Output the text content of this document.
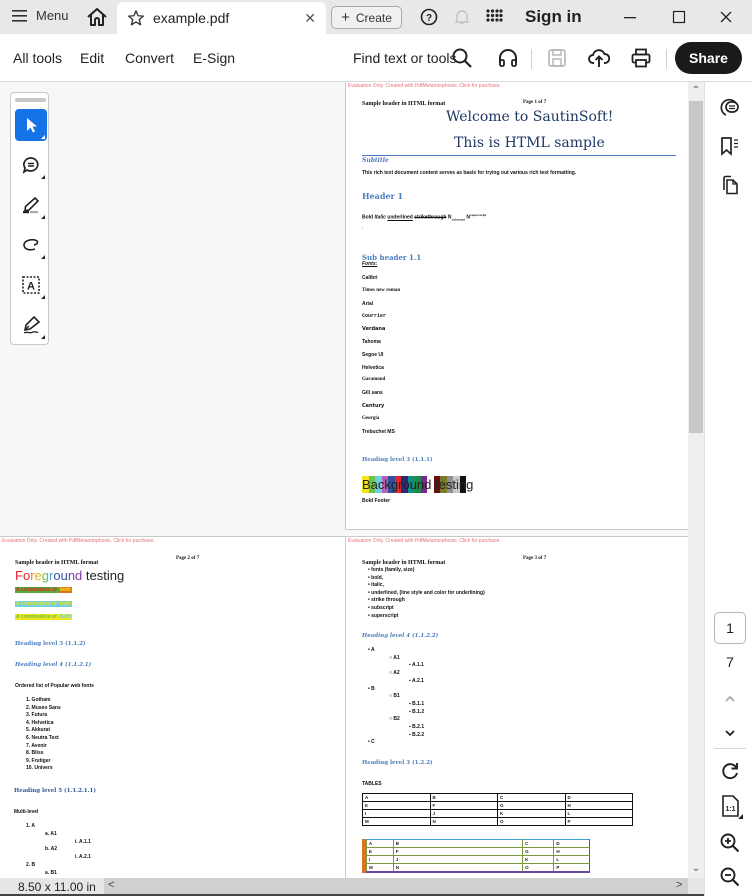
Menu	example.pdf	✕ + Create	?	Sign in
All tools Edit Convert E-Sign	Find text or tools	Share
Evaluation Only. Created with PdfMetamorphosis. Click for purchase.
Sample header in HTML format	Page 1 of 7
Welcome to SautinSoft!
This is HTML sample
Subtitle
This rich text document content serves as basis for trying out various rich text formatting.
Header 1
Bold Italic underlined strikethrough $N_{subscript}$ $N^{superscript}$
.
Sub header 1.1
Fonts:
Calibri
Times new roman
Arial
Courrier
Verdana
Tahoma
Segoe UI
Helvetica
Garamond
Gill sans
Century
Georgia
Trebuchet MS
Heading level 3 (1.1.1)
Background testing
Bold Footer
Evaluation Only. Created with PdfMetamorphosis. Click for purchase.
Sample header in HTML format
Page 2 of 7
Foreground testing
A combination of both
A combination of both
A combination of both
Heading level 3 (1.1.2)
Heading level 4 (1.1.2.1)
Ordered list of Popular web fonts
1. Gotham
2. Museo Sans
3. Futura
4. Helvetica
5. Akkurat
6. Neutra Text
7. Avenir
8. Bliss
9. Frutiger
10. Univers
Heading level 5 (1.1.2.1.1)
Multi-level
1. A
a. A1
i. A.1.1
b. A2
i. A.2.1
2. B
a. B1
Evaluation Only. Created with PdfMetamorphosis. Click for purchase.
Sample header in HTML format
Page 3 of 7
• fonts (family, size)
• bold,
• italic,
• underlined, (line style and color for underlining)
• strike through
• subscript
• superscript
Heading level 4 (1.1.2.2)
• A
○ A1
▪ A.1.1
○ A2
▪ A.2.1
• B
○ B1
▪ B.1.1
▪ B.1.2
○ B2
▪ B.2.1
▪ B.2.2
• C
Heading level 3 (1.2.2)
TABLES
A	B	C	D
E	F	G	H
I	J	K	L
M	N	O	P
A	B	C	D
E	F	G	H
I	J	K	L
M	N	O	P
A
⌃
⌄
1
7
1:1
8.50 x 11.00 in <	>
